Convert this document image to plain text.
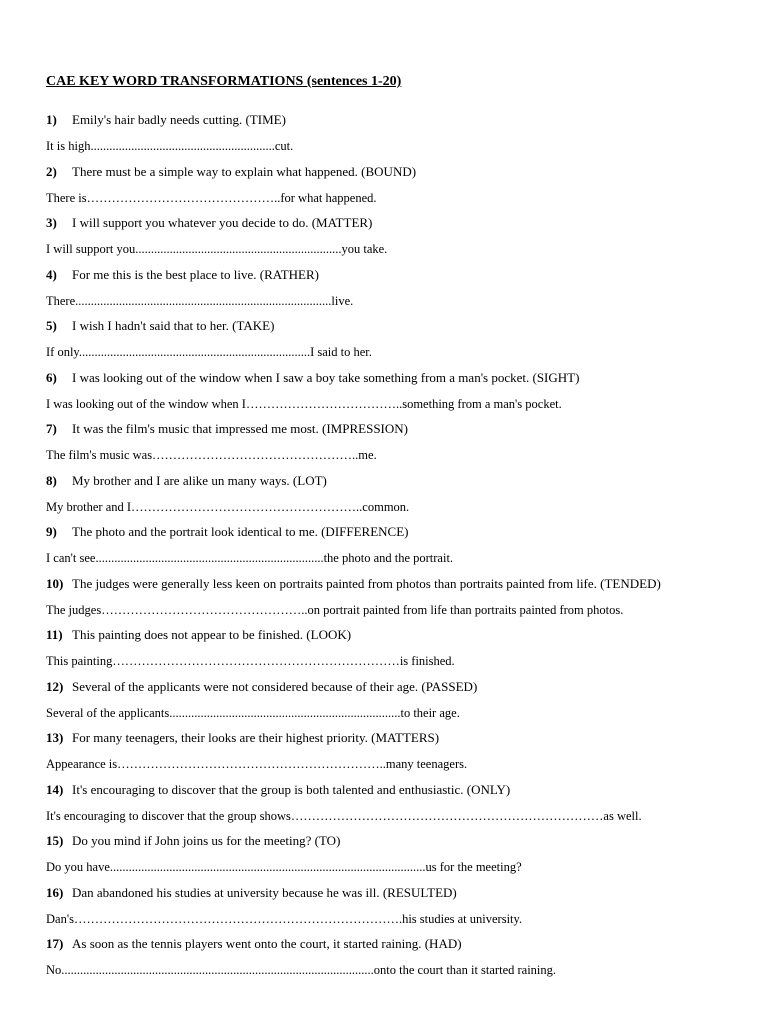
CAE KEY WORD TRANSFORMATIONS (sentences 1-20)
1)	Emily's hair badly needs cutting. (TIME)
It is high...........................................................cut.
2)	There must be a simple way to explain what happened. (BOUND)
There is………………………………………..for what happened.
3)	I will support you whatever you decide to do. (MATTER)
I will support you..................................................................you take.
4)	For me this is the best place to live. (RATHER)
There..................................................................................live.
5)	I wish I hadn't said that to her. (TAKE)
If only..........................................................................I said to her.
6)	I was looking out of the window when I saw a boy take something from a man's pocket. (SIGHT)
I was looking out of the window when I………………………………..something from a man's pocket.
7)	It was the film's music that impressed me most. (IMPRESSION)
The film's music was…………………………………………..me.
8)	My brother and I are alike un many ways. (LOT)
My brother and I………………………………………………..common.
9)	The photo and the portrait look identical to me. (DIFFERENCE)
I can't see.........................................................................the photo and the portrait.
10) The judges were generally less keen on portraits painted from photos than portraits painted from life. (TENDED)
The judges…………………………………………..on portrait painted from life than portraits painted from photos.
11) This painting does not appear to be finished. (LOOK)
This painting……………………………………………………………is finished.
12) Several of the applicants were not considered because of their age. (PASSED)
Several of the applicants..........................................................................to their age.
13) For many teenagers, their looks are their highest priority. (MATTERS)
Appearance is………………………………………………………..many teenagers.
14) It's encouraging to discover that the group is both talented and enthusiastic. (ONLY)
It's encouraging to discover that the group shows…………………………………………………………………as well.
15) Do you mind if John joins us for the meeting? (TO)
Do you have.....................................................................................................us for the meeting?
16) Dan abandoned his studies at university because he was ill. (RESULTED)
Dan's…………………………………………………………………….his studies at university.
17) As soon as the tennis players went onto the court, it started raining. (HAD)
No....................................................................................................onto the court than it started raining.
